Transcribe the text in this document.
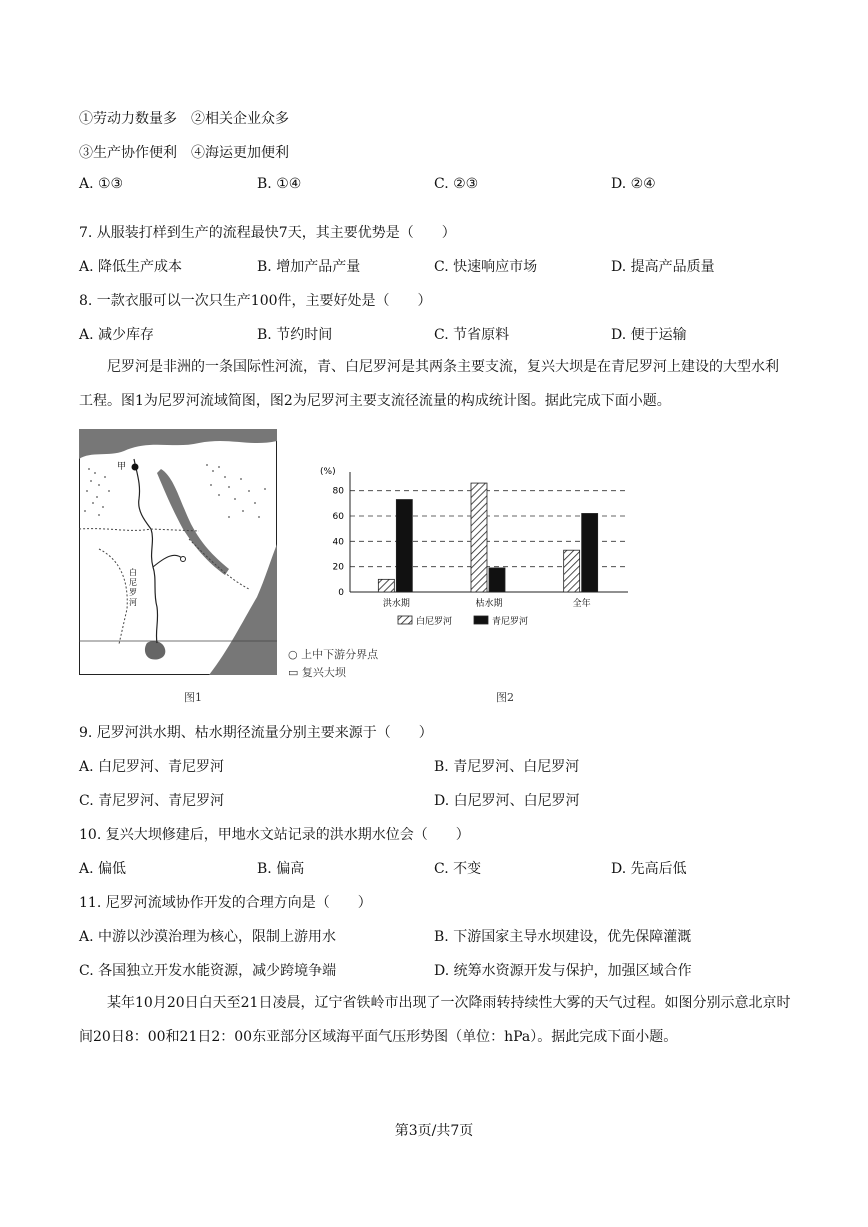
①劳动力数量多　②相关企业众多
③生产协作便利　④海运更加便利
A. ①③	B. ①④	C. ②③	D. ②④
7. 从服装打样到生产的流程最快7天，其主要优势是（　　）
A. 降低生产成本	B. 增加产品产量	C. 快速响应市场	D. 提高产品质量
8. 一款衣服可以一次只生产100件，主要好处是（　　）
A. 减少库存	B. 节约时间	C. 节省原料	D. 便于运输
尼罗河是非洲的一条国际性河流，青、白尼罗河是其两条主要支流，复兴大坝是在青尼罗河上建设的大型水利工程。图1为尼罗河流域简图，图2为尼罗河主要支流径流量的构成统计图。据此完成下面小题。
甲
白尼罗河
○ 上中下游分界点
▭ 复兴大坝
图1
(%)
0
20
40
60
80
洪水期	枯水期	全年
白尼罗河	青尼罗河
图2
9. 尼罗河洪水期、枯水期径流量分别主要来源于（　　）
A. 白尼罗河、青尼罗河	B. 青尼罗河、白尼罗河
C. 青尼罗河、青尼罗河	D. 白尼罗河、白尼罗河
10. 复兴大坝修建后，甲地水文站记录的洪水期水位会（　　）
A. 偏低	B. 偏高	C. 不变	D. 先高后低
11. 尼罗河流域协作开发的合理方向是（　　）
A. 中游以沙漠治理为核心，限制上游用水	B. 下游国家主导水坝建设，优先保障灌溉
C. 各国独立开发水能资源，减少跨境争端	D. 统筹水资源开发与保护，加强区域合作
某年10月20日白天至21日凌晨，辽宁省铁岭市出现了一次降雨转持续性大雾的天气过程。如图分别示意北京时间20日8：00和21日2：00东亚部分区域海平面气压形势图（单位：hPa）。据此完成下面小题。
第3页/共7页
